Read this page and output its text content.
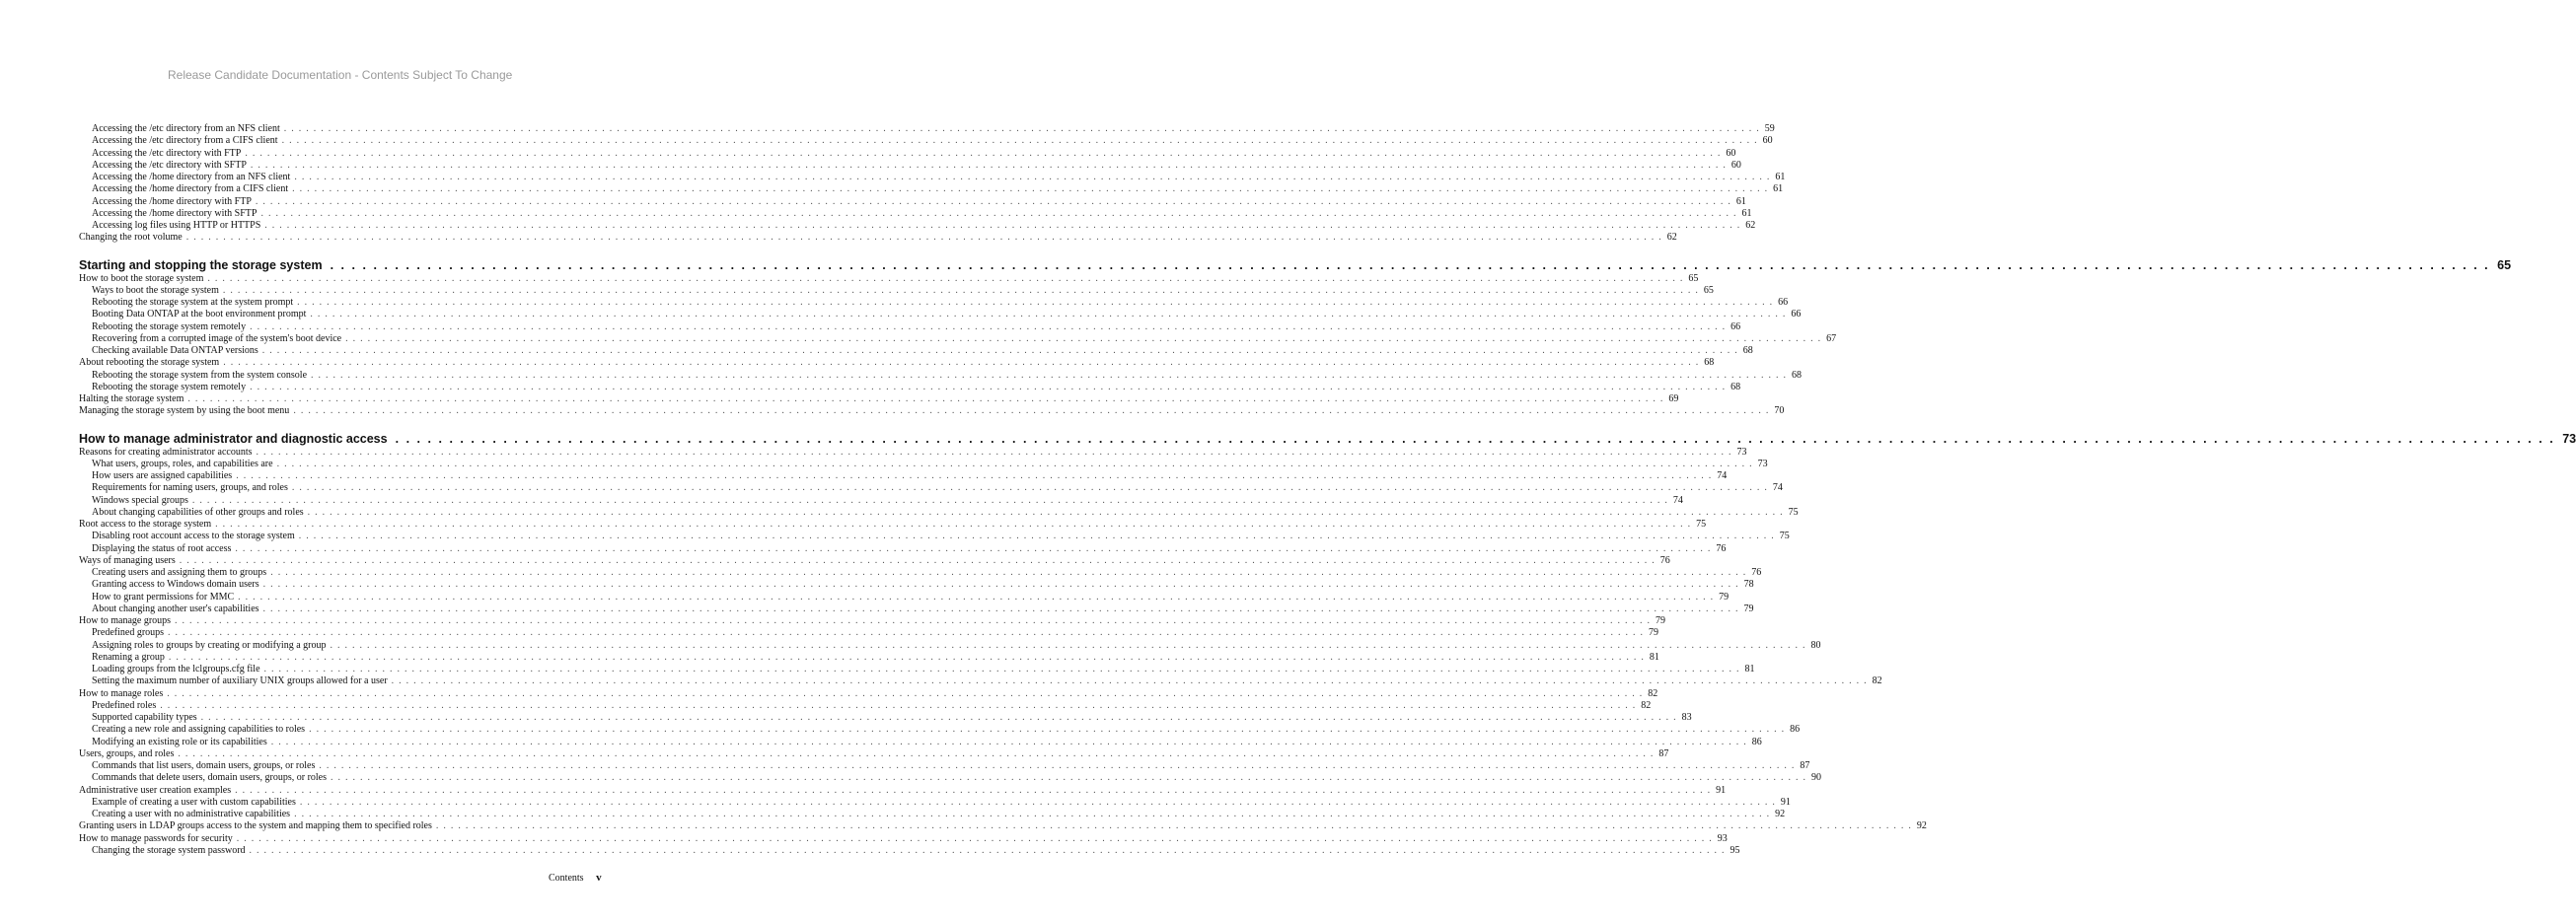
Release Candidate Documentation - Contents Subject To Change
Accessing the /etc directory from an NFS client ........................................................................................................................................................................................................ 59
Accessing the /etc directory from a CIFS client ........................................................................................................................................................................................................ 60
Accessing the /etc directory with FTP ........................................................................................................................................................................................................ 60
Accessing the /etc directory with SFTP ........................................................................................................................................................................................................ 60
Accessing the /home directory from an NFS client ........................................................................................................................................................................................................ 61
Accessing the /home directory from a CIFS client ........................................................................................................................................................................................................ 61
Accessing the /home directory with FTP ........................................................................................................................................................................................................ 61
Accessing the /home directory with SFTP ........................................................................................................................................................................................................ 61
Accessing log files using HTTP or HTTPS ........................................................................................................................................................................................................ 62
Changing the root volume ........................................................................................................................................................................................................ 62
Starting and stopping the storage system ........................................................................................................................................................................................................ 65
How to boot the storage system ........................................................................................................................................................................................................ 65
Ways to boot the storage system ........................................................................................................................................................................................................ 65
Rebooting the storage system at the system prompt ........................................................................................................................................................................................................ 66
Booting Data ONTAP at the boot environment prompt ........................................................................................................................................................................................................ 66
Rebooting the storage system remotely ........................................................................................................................................................................................................ 66
Recovering from a corrupted image of the system's boot device ........................................................................................................................................................................................................ 67
Checking available Data ONTAP versions ........................................................................................................................................................................................................ 68
About rebooting the storage system ........................................................................................................................................................................................................ 68
Rebooting the storage system from the system console ........................................................................................................................................................................................................ 68
Rebooting the storage system remotely ........................................................................................................................................................................................................ 68
Halting the storage system ........................................................................................................................................................................................................ 69
Managing the storage system by using the boot menu ........................................................................................................................................................................................................ 70
How to manage administrator and diagnostic access ........................................................................................................................................................................................................ 73
Reasons for creating administrator accounts ........................................................................................................................................................................................................ 73
What users, groups, roles, and capabilities are ........................................................................................................................................................................................................ 73
How users are assigned capabilities ........................................................................................................................................................................................................ 74
Requirements for naming users, groups, and roles ........................................................................................................................................................................................................ 74
Windows special groups ........................................................................................................................................................................................................ 74
About changing capabilities of other groups and roles ........................................................................................................................................................................................................ 75
Root access to the storage system ........................................................................................................................................................................................................ 75
Disabling root account access to the storage system ........................................................................................................................................................................................................ 75
Displaying the status of root access ........................................................................................................................................................................................................ 76
Ways of managing users ........................................................................................................................................................................................................ 76
Creating users and assigning them to groups ........................................................................................................................................................................................................ 76
Granting access to Windows domain users ........................................................................................................................................................................................................ 78
How to grant permissions for MMC ........................................................................................................................................................................................................ 79
About changing another user's capabilities ........................................................................................................................................................................................................ 79
How to manage groups ........................................................................................................................................................................................................ 79
Predefined groups ........................................................................................................................................................................................................ 79
Assigning roles to groups by creating or modifying a group ........................................................................................................................................................................................................ 80
Renaming a group ........................................................................................................................................................................................................ 81
Loading groups from the lclgroups.cfg file ........................................................................................................................................................................................................ 81
Setting the maximum number of auxiliary UNIX groups allowed for a user ........................................................................................................................................................................................................ 82
How to manage roles ........................................................................................................................................................................................................ 82
Predefined roles ........................................................................................................................................................................................................ 82
Supported capability types ........................................................................................................................................................................................................ 83
Creating a new role and assigning capabilities to roles ........................................................................................................................................................................................................ 86
Modifying an existing role or its capabilities ........................................................................................................................................................................................................ 86
Users, groups, and roles ........................................................................................................................................................................................................ 87
Commands that list users, domain users, groups, or roles ........................................................................................................................................................................................................ 87
Commands that delete users, domain users, groups, or roles ........................................................................................................................................................................................................ 90
Administrative user creation examples ........................................................................................................................................................................................................ 91
Example of creating a user with custom capabilities ........................................................................................................................................................................................................ 91
Creating a user with no administrative capabilities ........................................................................................................................................................................................................ 92
Granting users in LDAP groups access to the system and mapping them to specified roles ........................................................................................................................................................................................................ 92
How to manage passwords for security ........................................................................................................................................................................................................ 93
Changing the storage system password ........................................................................................................................................................................................................ 95
Contents v
